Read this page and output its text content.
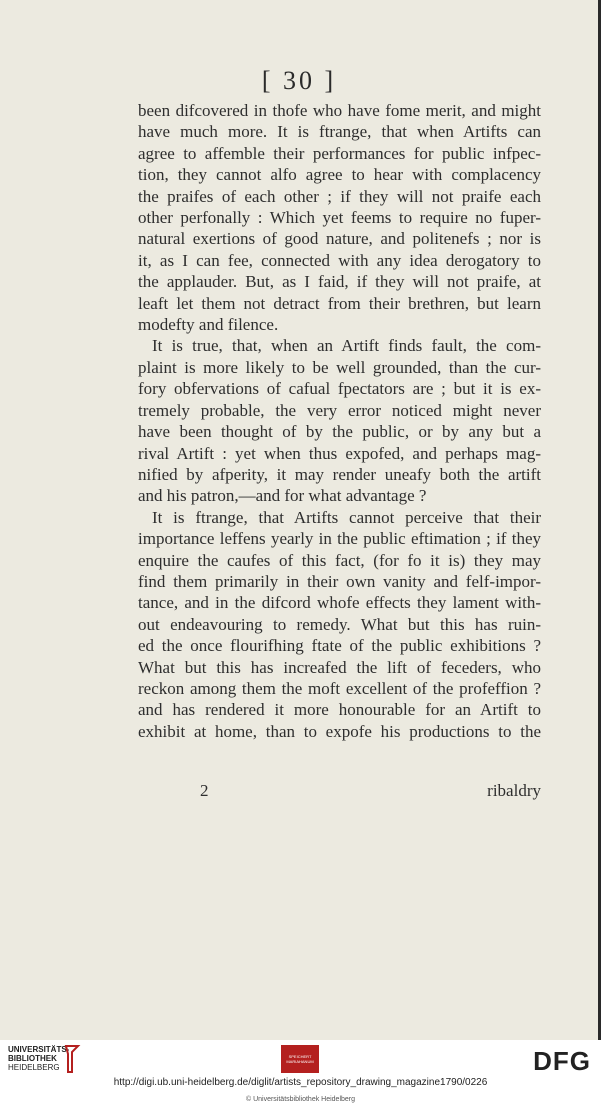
[ 30 ]

been difcovered in thofe who have fome merit, and might
have much more. It is ftrange, that when Artifts can
agree to affemble their performances for public infpec-
tion, they cannot alfo agree to hear with complacency
the praifes of each other ; if they will not praife each
other perfonally : Which yet feems to require no fuper-
natural exertions of good nature, and politenefs ; nor is
it, as I can fee, connected with any idea derogatory to
the applauder. But, as I faid, if they will not praife, at
leaft let them not detract from their brethren, but learn
modefty and filence.

It is true, that, when an Artift finds fault, the com-
plaint is more likely to be well grounded, than the cur-
fory obfervations of cafual fpectators are ; but it is ex-
tremely probable, the very error noticed might never
have been thought of by the public, or by any but a
rival Artift : yet when thus expofed, and perhaps mag-
nified by afperity, it may render uneafy both the artift
and his patron,—and for what advantage ?

It is ftrange, that Artifts cannot perceive that their
importance leffens yearly in the public eftimation ; if they
enquire the caufes of this fact, (for fo it is) they may
find them primarily in their own vanity and felf-impor-
tance, and in the difcord whofe effects they lament with-
out endeavouring to remedy. What but this has ruin-
ed the once flourifhing ftate of the public exhibitions ?
What but this has increafed the lift of feceders, who
reckon among them the moft excellent of the profeffion ?
and has rendered it more honourable for an Artift to
exhibit at home, than to expofe his productions to the

2	ribaldry
UNIVERSITÄTS-
BIBLIOTHEK
HEIDELBERG
SPEICHERT MARIAHANUM	DFG
http://digi.ub.uni-heidelberg.de/diglit/artists_repository_drawing_magazine1790/0226
© Universitätsbibliothek Heidelberg
